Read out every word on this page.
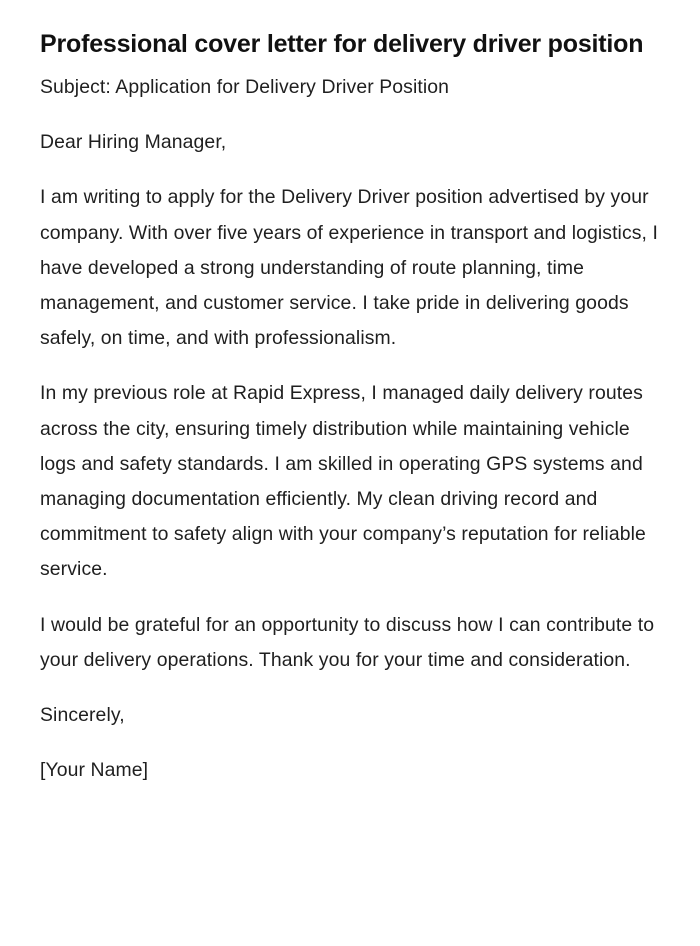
Professional cover letter for delivery driver position

Subject: Application for Delivery Driver Position

Dear Hiring Manager,

I am writing to apply for the Delivery Driver position advertised by your company. With over five years of experience in transport and logistics, I have developed a strong understanding of route planning, time management, and customer service. I take pride in delivering goods safely, on time, and with professionalism.

In my previous role at Rapid Express, I managed daily delivery routes across the city, ensuring timely distribution while maintaining vehicle logs and safety standards. I am skilled in operating GPS systems and managing documentation efficiently. My clean driving record and commitment to safety align with your company’s reputation for reliable service.

I would be grateful for an opportunity to discuss how I can contribute to your delivery operations. Thank you for your time and consideration.

Sincerely,

[Your Name]
